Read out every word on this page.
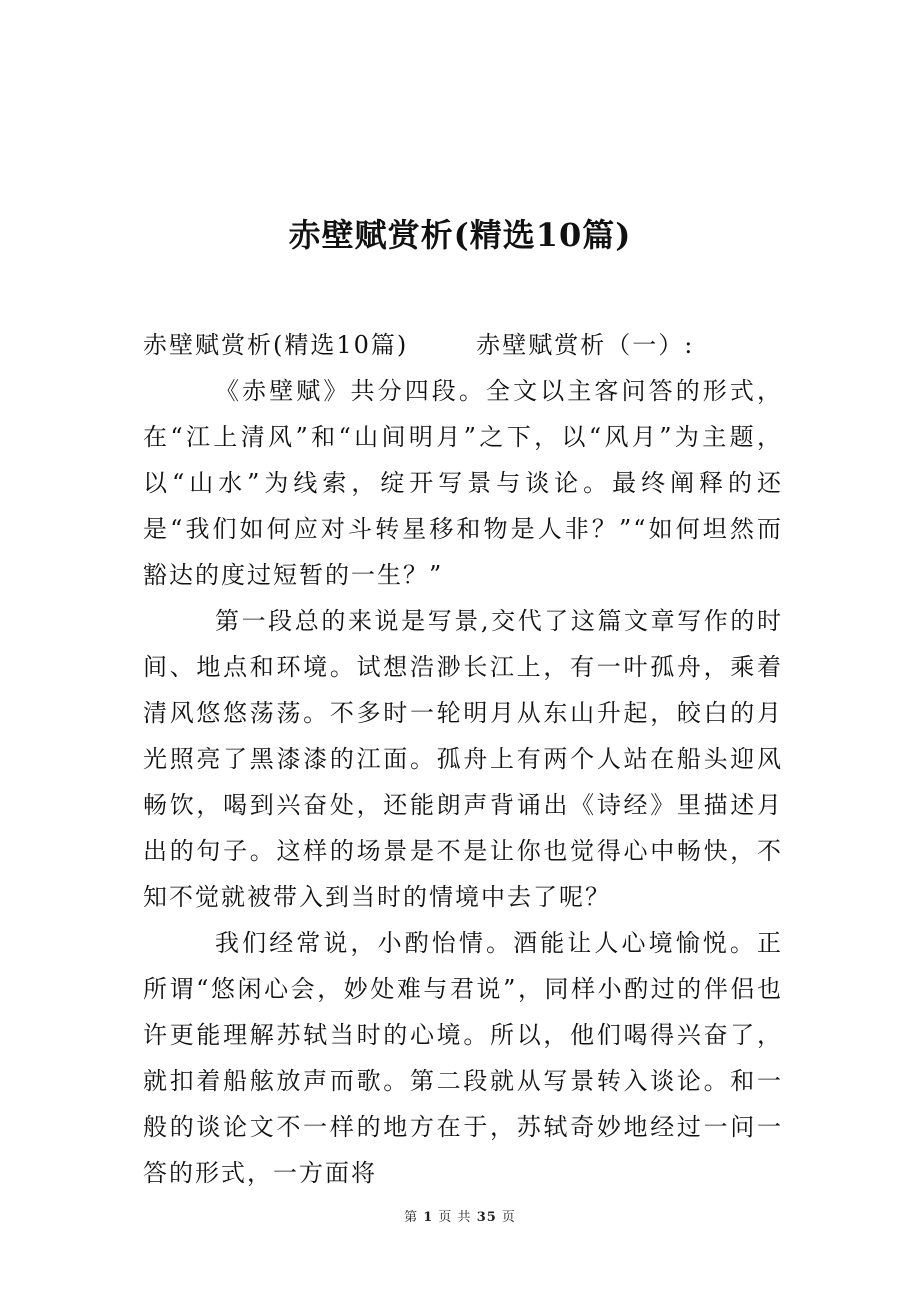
赤壁赋赏析(精选10篇)

赤壁赋赏析(精选10篇)	赤壁赋赏析（一）:

《赤壁赋》共分四段。全文以主客问答的形式，在“江上清风”和“山间明月”之下，以“风月”为主题，以“山水”为线索，绽开写景与谈论。最终阐释的还是“我们如何应对斗转星移和物是人非？”“如何坦然而豁达的度过短暂的一生？”

第一段总的来说是写景,交代了这篇文章写作的时间、地点和环境。试想浩渺长江上，有一叶孤舟，乘着清风悠悠荡荡。不多时一轮明月从东山升起，皎白的月光照亮了黑漆漆的江面。孤舟上有两个人站在船头迎风畅饮，喝到兴奋处，还能朗声背诵出《诗经》里描述月出的句子。这样的场景是不是让你也觉得心中畅快，不知不觉就被带入到当时的情境中去了呢？

我们经常说，小酌怡情。酒能让人心境愉悦。正所谓“悠闲心会，妙处难与君说”，同样小酌过的伴侣也许更能理解苏轼当时的心境。所以，他们喝得兴奋了，就扣着船舷放声而歌。第二段就从写景转入谈论。和一般的谈论文不一样的地方在于，苏轼奇妙地经过一问一答的形式，一方面将

第 1 页 共 35 页
